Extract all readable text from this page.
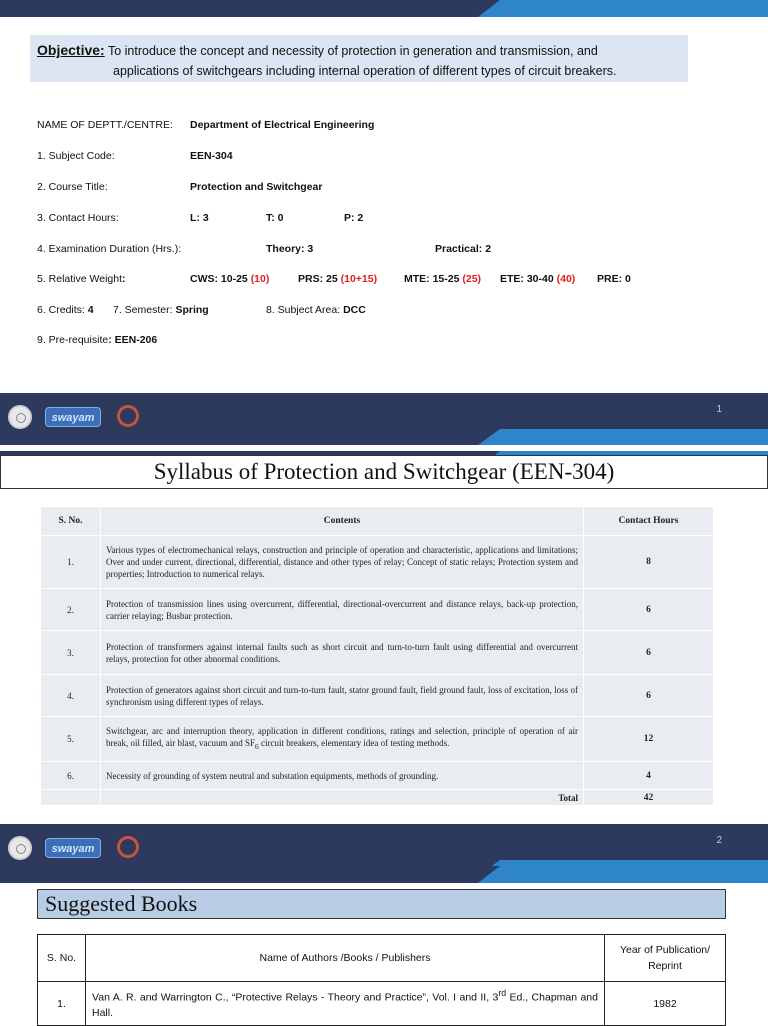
Objective: To introduce the concept and necessity of protection in generation and transmission, and
applications of switchgears including internal operation of different types of circuit breakers.
NAME OF DEPTT./CENTRE: Department of Electrical Engineering
1. Subject Code:	EEN-304
2. Course Title:	Protection and Switchgear
3. Contact Hours:	L: 3	T: 0	P: 2
4. Examination Duration (Hrs.):	Theory: 3	Practical: 2
5. Relative Weight:	CWS: 10-25 (10)	PRS: 25 (10+15)	MTE: 15-25 (25) ETE: 30-40 (40) PRE: 0
6. Credits: 4 7. Semester: Spring	8. Subject Area: DCC
9. Pre-requisite: EEN-206
swayam
1
Syllabus of Protection and Switchgear (EEN-304)
S. No.	Contents	Contact Hours
1.	Various types of electromechanical relays, construction and principle of operation and characteristic, applications and limitations; Over and under current, directional, differential, distance and other types of relay; Concept of static relays; Protection system and properties; Introduction to numerical relays.	8
2.	Protection of transmission lines using overcurrent, differential, directional-overcurrent and distance relays, back-up protection, carrier relaying; Busbar protection.	6
3.	Protection of transformers against internal faults such as short circuit and turn-to-turn fault using differential and overcurrent relays, protection for other abnormal conditions.	6
4.	Protection of generators against short circuit and turn-to-turn fault, stator ground fault, field ground fault, loss of excitation, loss of synchronism using different types of relays.	6
5.	Switchgear, arc and interruption theory, application in different conditions, ratings and selection, principle of operation of air break, oil filled, air blast, vacuum and $SF_6$ circuit breakers, elementary idea of testing methods.	12
6.	Necessity of grounding of system neutral and substation equipments, methods of grounding.	4
	Total	42
swayam
2
Suggested Books
S. No.	Name of Authors /Books / Publishers	Year of Publication/ Reprint
1.	Van A. R. and Warrington C., “Protective Relays - Theory and Practice”, Vol. I and II, 3rd Ed., Chapman and Hall.	1982
